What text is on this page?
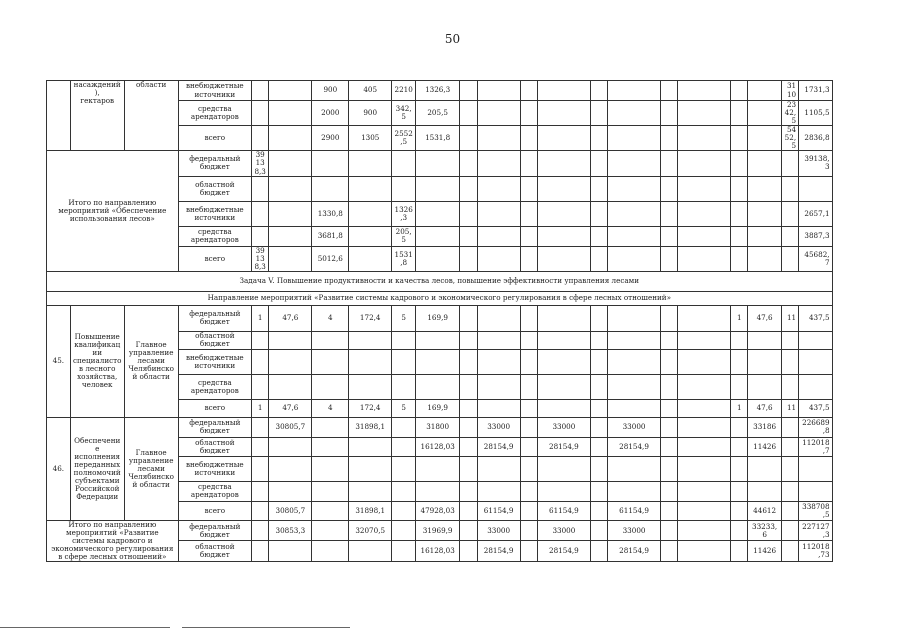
50
	насаждений),
гектаров	области	внебюджетные источники			900	405	2210	1326,3											3110	1731,3
			средства арендаторов			2000	900	342,5	205,5											2342,5	1105,5
			всего			2900	1305	2552,5	1531,8											5452,5	2836,8
Итого по направлению мероприятий «Обеспечение использования лесов»			федеральный бюджет	39138,3																	39138,3
			областной бюджет																		
			внебюджетные источники			1330,8		1326,3													2657,1
			средства арендаторов			3681,8		205,5													3887,3
			всего	39138,3		5012,6		1531,8													45682,7
Задача V. Повышение продуктивности и качества лесов, повышение эффективности управления лесами																					
Направление мероприятий «Развитие системы кадрового и экономического регулирования в сфере лесных отношений»																					
45.	Повышение квалификации специалистов лесного хозяйства, человек	Главное управление лесами Челябинской области	федеральный бюджет	1	47,6	4	172,4	5	169,9									1	47,6	11	437,5
			областной бюджет																		
			внебюджетные источники																		
			средства арендаторов																		
			всего	1	47,6	4	172,4	5	169,9									1	47,6	11	437,5
46.	Обеспечение исполнения переданных полномочий субъектами Российской Федерации	Главное управление лесами Челябинской области	федеральный бюджет		30805,7		31898,1		31800		33000		33000		33000				33186		226689,8
			областной бюджет						16128,03		28154,9		28154,9		28154,9				11426		112018,7
			внебюджетные источники																		
			средства арендаторов																		
			всего		30805,7		31898,1		47928,03		61154,9		61154,9		61154,9				44612		338708,5
Итого по направлению мероприятий «Развитие системы кадрового и экономического регулирования в сфере лесных отношений»			федеральный бюджет		30853,3		32070,5		31969,9		33000		33000		33000				33233,6		227127,3
			областной бюджет						16128,03		28154,9		28154,9		28154,9				11426		112018,73
